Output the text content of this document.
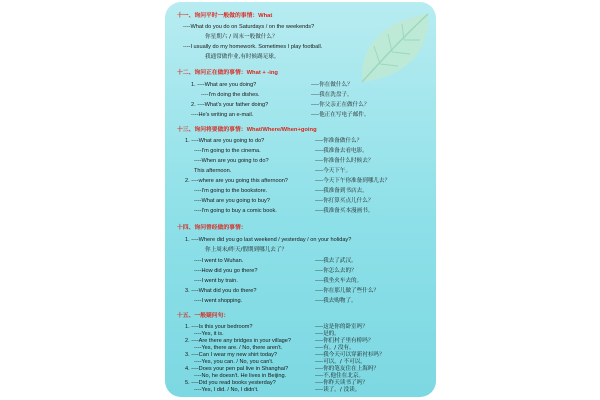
十一、询问平时一般做的事情：What
----What do you do on Saturdays / on the weekends?
你星期六 / 周末一般做什么？
----I usually do my homework. Sometimes I play football.
我通常做作业,有时候踢足球。
十二、询问正在做的事情：What + -ing
1. ----What are you doing?	----你在做什么？
----I'm doing the dishes.	----我在洗盘子。
2. ----What's your father doing?	----你父亲正在做什么？
----He's writing an e-mail.	----他正在写电子邮件。
十三、询问将要做的事情：What/Where/When+going
1. ----What are you going to do?	----你准备做什么？
----I'm going to the cinema.	----我准备去看电影。
----When are you going to do?	----你准备什么时候去？
This afternoon.	----今天下午。
2. ----where are you going this afternoon?	----今天下午你准备到哪儿去？
----I'm going to the bookstore.	----我准备到书店去。
----What are you going to buy?	----你打算买点儿什么？
----I'm going to buy a comic book.	----我准备买本漫画书。
十四、询问曾经做的事情：
1. ----Where did you go last weekend / yesterday / on your holiday?
你上周末/昨天/假期到哪儿去了？
----I went to Wuhan.	----我去了武汉。
----How did you go there?	----你怎么去的？
----I went by train.	----我坐火车去的。
3. ----What did you do there?	----你在那儿做了些什么？
----I went shopping.	----我去购物了。
十五、一般疑问句：
1. ----Is this your bedroom?	----这是你的卧室吗？
----Yes, it is.	----是的。
2. ----Are there any bridges in your village?	----你们村子里有桥吗？
----Yes, there are. / No, there aren't.	----有。/ 没有。
3. ----Can I wear my new shirt today?	----我今天可以穿新衬衫吗？
----Yes, you can. / No, you can't.	----可以。/ 不可以。
4. ----Does your pen pal live in Shanghai?	----你的笔友住在上海吗？
----No, he doesn't. He lives in Beijing.	----不,他住在北京。
5. ----Did you read books yesterday?	----你昨天读书了吗？
----Yes, I did. / No, I didn't.	----读了。/ 没读。
